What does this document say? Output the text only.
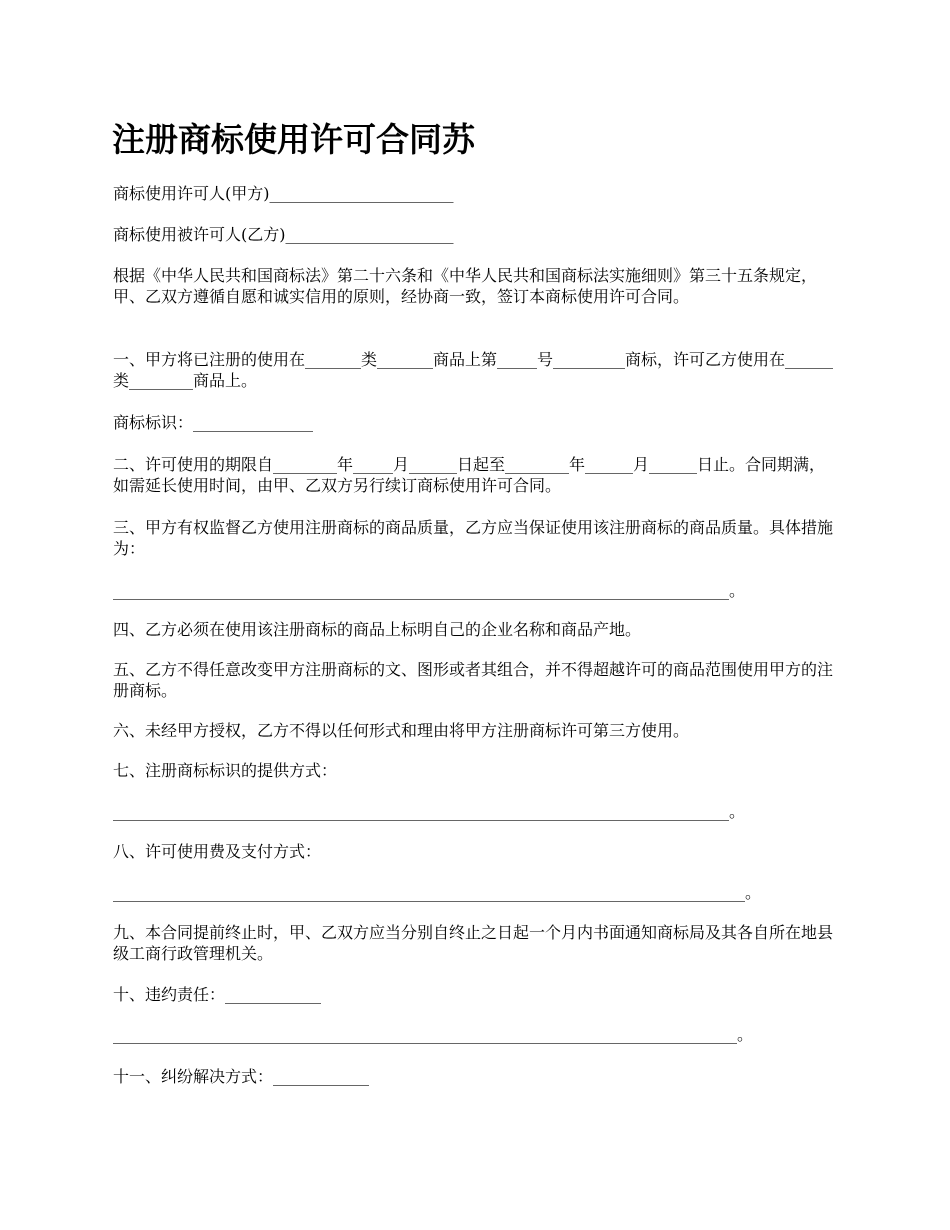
注册商标使用许可合同苏

商标使用许可人(甲方)_______________________

商标使用被许可人(乙方)_____________________

根据《中华人民共和国商标法》第二十六条和《中华人民共和国商标法实施细则》第三十五条规定，甲、乙双方遵循自愿和诚实信用的原则，经协商一致，签订本商标使用许可合同。

一、甲方将已注册的使用在_______类_______商品上第_____号_________商标，许可乙方使用在______类________商品上。

商标标识：_______________

二、许可使用的期限自________年_____月______日起至________年______月______日止。合同期满，如需延长使用时间，由甲、乙双方另行续订商标使用许可合同。

三、甲方有权监督乙方使用注册商标的商品质量，乙方应当保证使用该注册商标的商品质量。具体措施为：

_____________________________________________________________________________。

四、乙方必须在使用该注册商标的商品上标明自己的企业名称和商品产地。

五、乙方不得任意改变甲方注册商标的文、图形或者其组合，并不得超越许可的商品范围使用甲方的注册商标。

六、未经甲方授权，乙方不得以任何形式和理由将甲方注册商标许可第三方使用。

七、注册商标标识的提供方式：

_____________________________________________________________________________。

八、许可使用费及支付方式：

_______________________________________________________________________________。

九、本合同提前终止时，甲、乙双方应当分别自终止之日起一个月内书面通知商标局及其各自所在地县级工商行政管理机关。

十、违约责任：____________

______________________________________________________________________________。

十一、纠纷解决方式：____________
